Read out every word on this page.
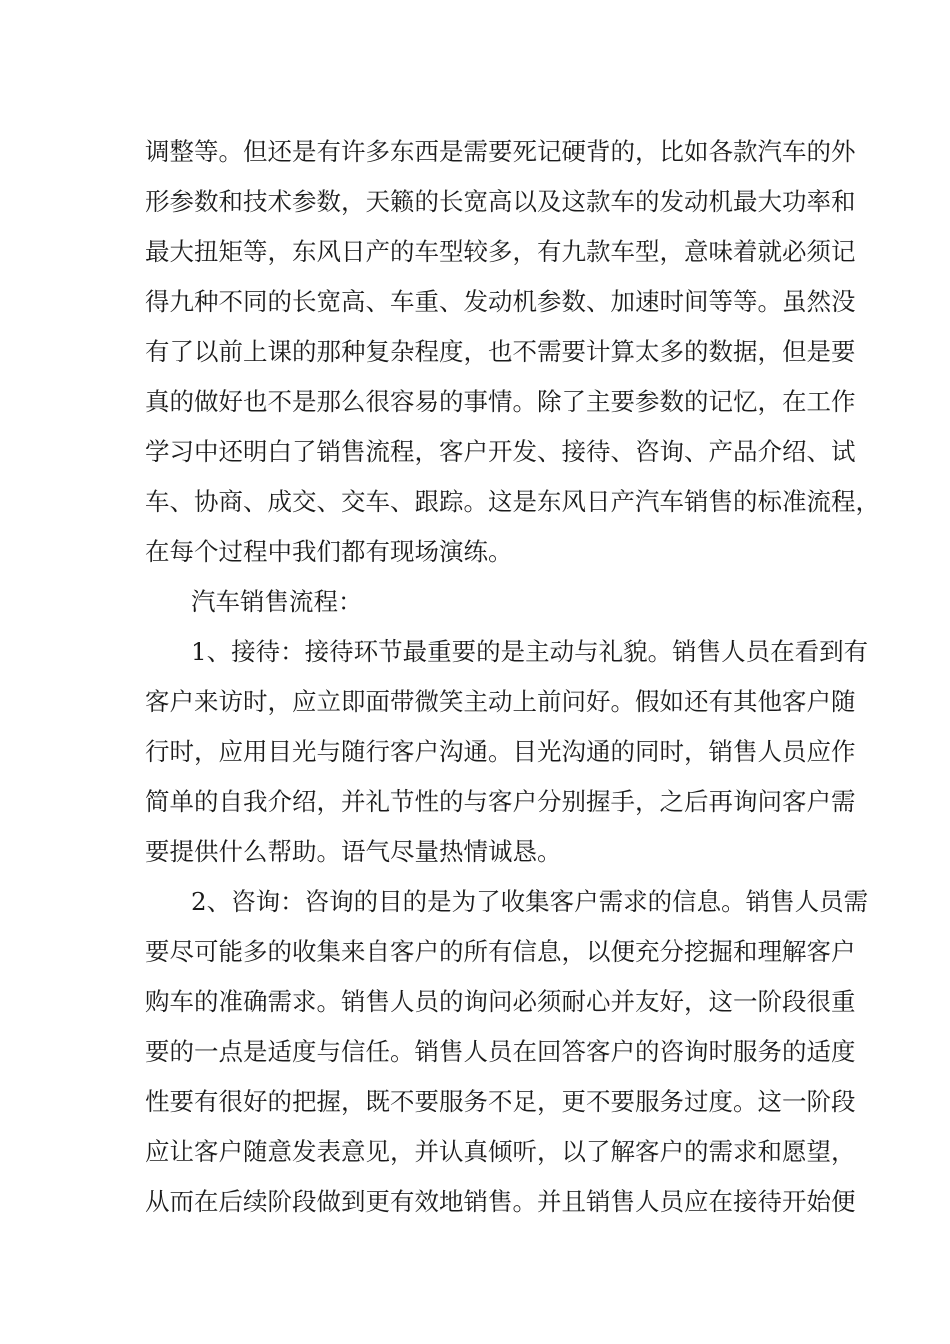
调整等。但还是有许多东西是需要死记硬背的，比如各款汽车的外
形参数和技术参数，天籁的长宽高以及这款车的发动机最大功率和
最大扭矩等，东风日产的车型较多，有九款车型，意味着就必须记
得九种不同的长宽高、车重、发动机参数、加速时间等等。虽然没
有了以前上课的那种复杂程度，也不需要计算太多的数据，但是要
真的做好也不是那么很容易的事情。除了主要参数的记忆，在工作
学习中还明白了销售流程，客户开发、接待、咨询、产品介绍、试
车、协商、成交、交车、跟踪。这是东风日产汽车销售的标准流程，
在每个过程中我们都有现场演练。
汽车销售流程：
1、接待：接待环节最重要的是主动与礼貌。销售人员在看到有
客户来访时，应立即面带微笑主动上前问好。假如还有其他客户随
行时，应用目光与随行客户沟通。目光沟通的同时，销售人员应作
简单的自我介绍，并礼节性的与客户分别握手，之后再询问客户需
要提供什么帮助。语气尽量热情诚恳。
2、咨询：咨询的目的是为了收集客户需求的信息。销售人员需
要尽可能多的收集来自客户的所有信息，以便充分挖掘和理解客户
购车的准确需求。销售人员的询问必须耐心并友好，这一阶段很重
要的一点是适度与信任。销售人员在回答客户的咨询时服务的适度
性要有很好的把握，既不要服务不足，更不要服务过度。这一阶段
应让客户随意发表意见，并认真倾听，以了解客户的需求和愿望，
从而在后续阶段做到更有效地销售。并且销售人员应在接待开始便
